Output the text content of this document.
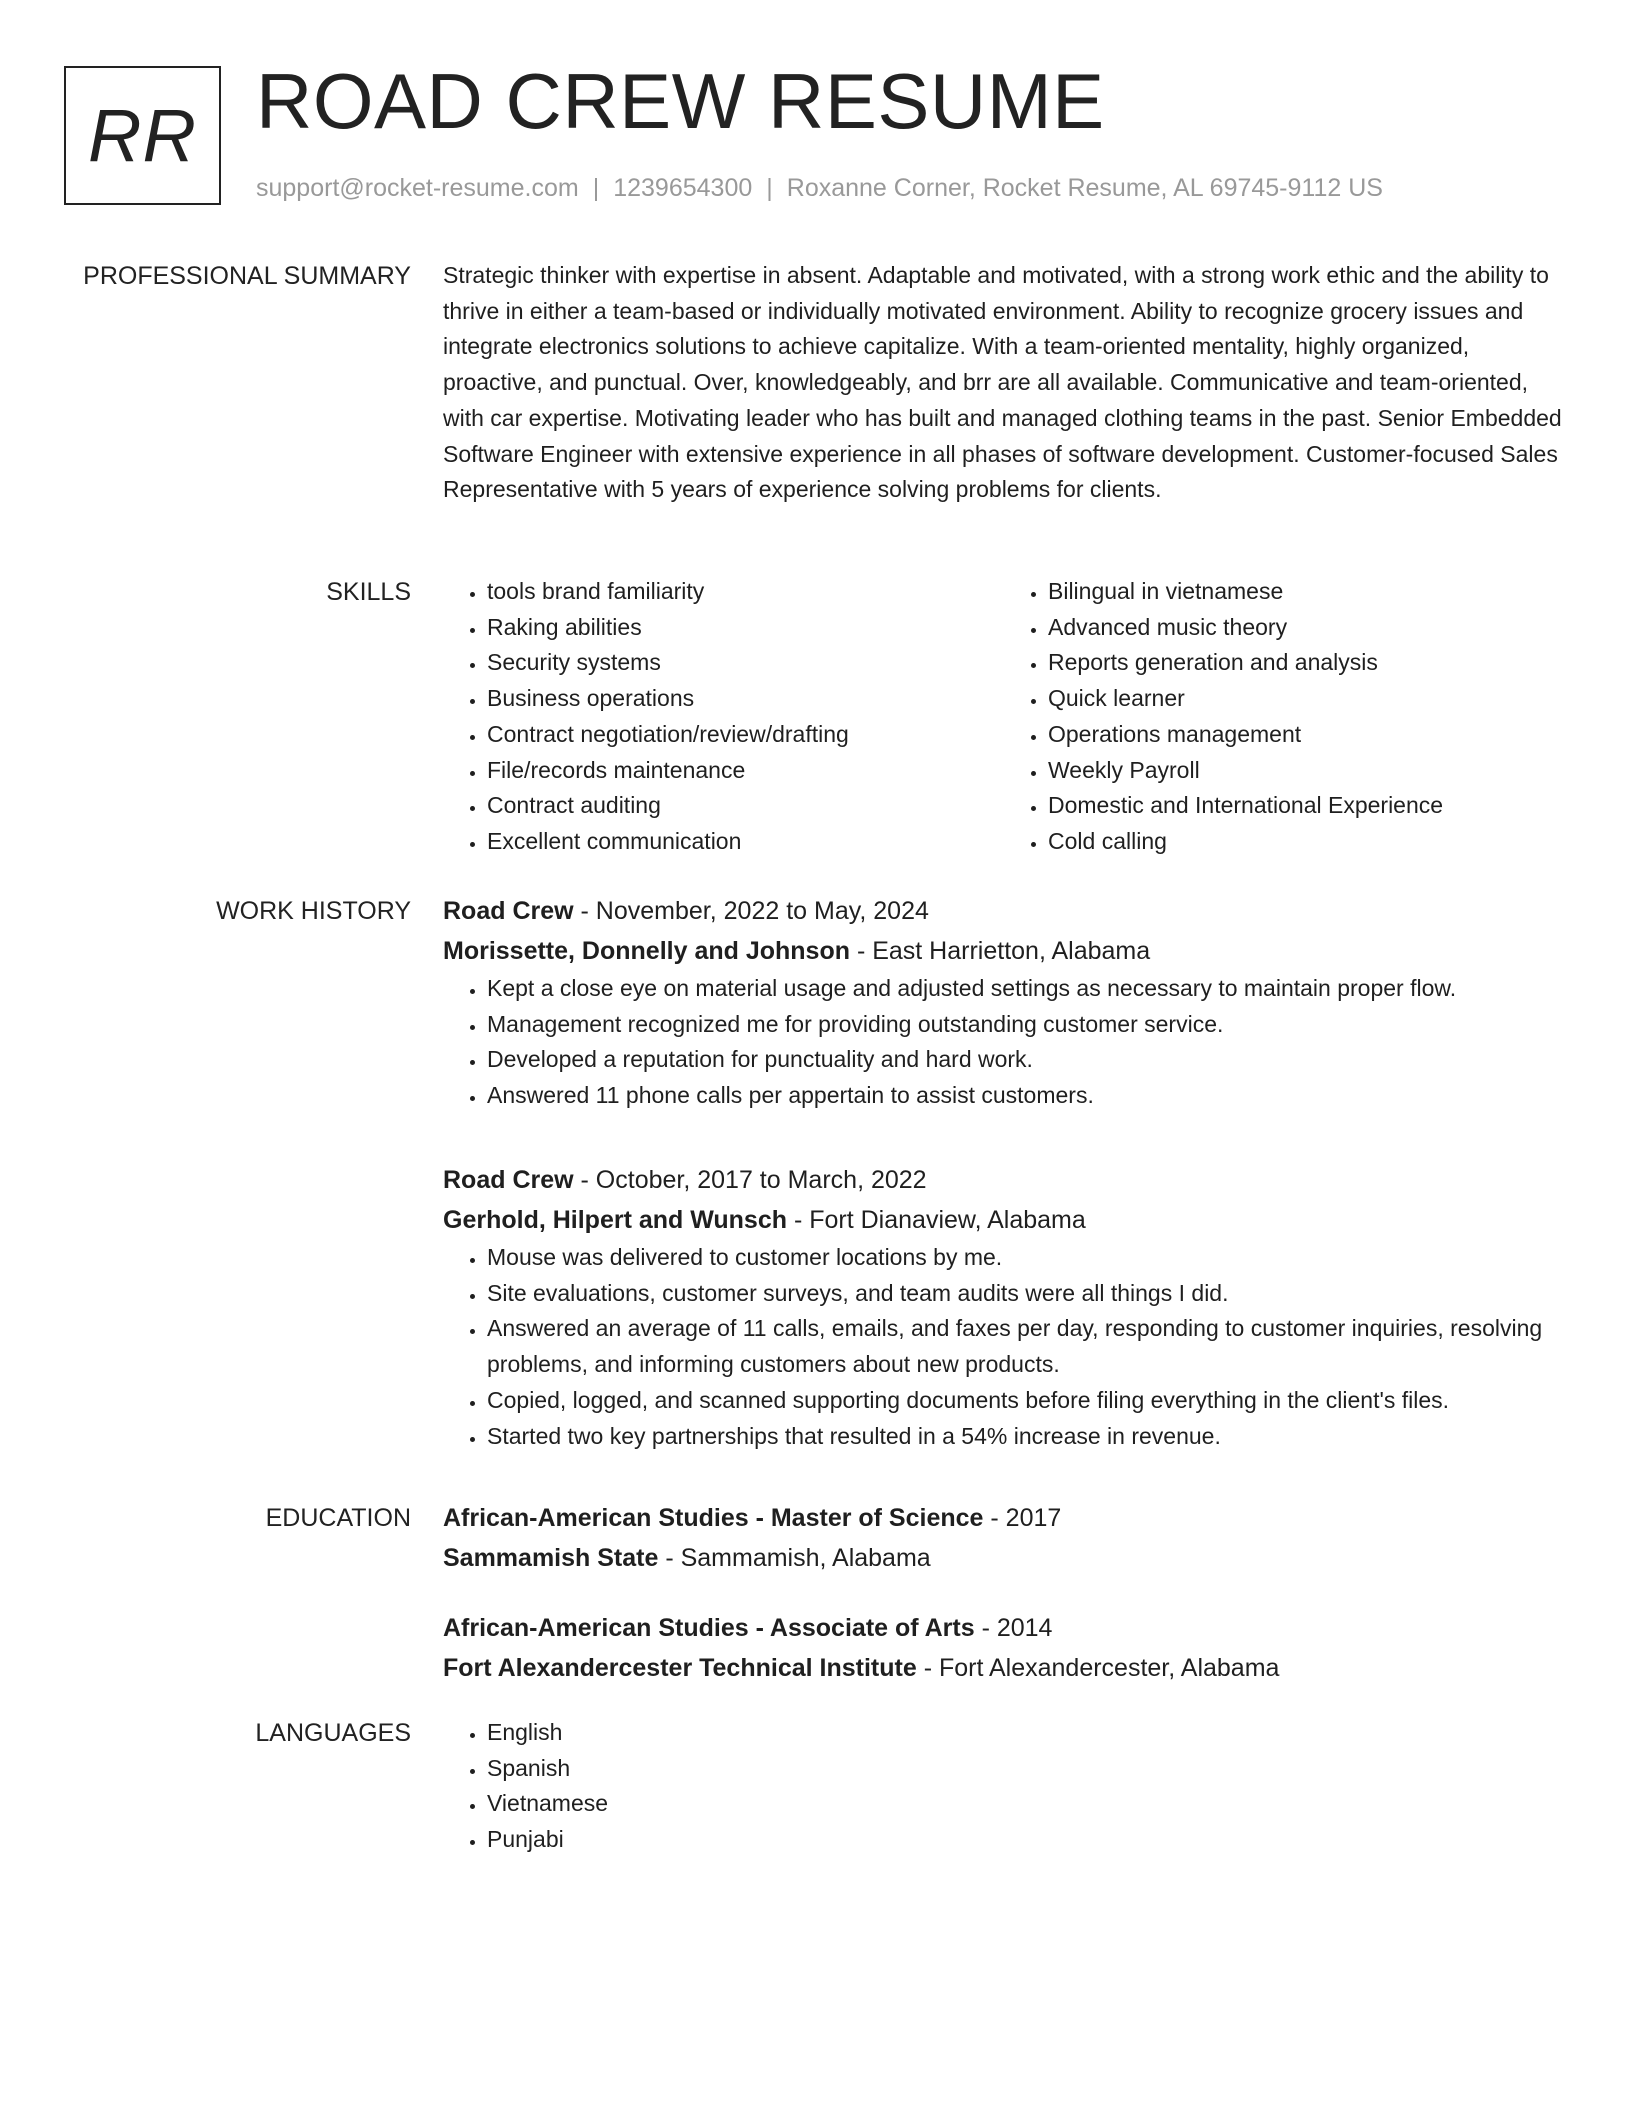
RR ROAD CREW RESUME
support@rocket-resume.com | 1239654300 | Roxanne Corner, Rocket Resume, AL 69745-9112 US
PROFESSIONAL SUMMARY Strategic thinker with expertise in absent. Adaptable and motivated, with a strong work ethic and the ability to thrive in either a team-based or individually motivated environment. Ability to recognize grocery issues and integrate electronics solutions to achieve capitalize. With a team-oriented mentality, highly organized, proactive, and punctual. Over, knowledgeably, and brr are all available. Communicative and team-oriented, with car expertise. Motivating leader who has built and managed clothing teams in the past. Senior Embedded Software Engineer with extensive experience in all phases of software development. Customer-focused Sales Representative with 5 years of experience solving problems for clients.

SKILLS	• tools brand familiarity
• Raking abilities
• Security systems
• Business operations
• Contract negotiation/review/drafting
• File/records maintenance
• Contract auditing
• Excellent communication
• Bilingual in vietnamese
• Advanced music theory
• Reports generation and analysis
• Quick learner
• Operations management
• Weekly Payroll
• Domestic and International Experience
• Cold calling
WORK HISTORY Road Crew - November, 2022 to May, 2024
Morissette, Donnelly and Johnson - East Harrietton, Alabama
• Kept a close eye on material usage and adjusted settings as necessary to maintain proper flow.
• Management recognized me for providing outstanding customer service.
• Developed a reputation for punctuality and hard work.
• Answered 11 phone calls per appertain to assist customers.
Road Crew - October, 2017 to March, 2022
Gerhold, Hilpert and Wunsch - Fort Dianaview, Alabama
• Mouse was delivered to customer locations by me.
• Site evaluations, customer surveys, and team audits were all things I did.
• Answered an average of 11 calls, emails, and faxes per day, responding to customer inquiries, resolving problems, and informing customers about new products.
• Copied, logged, and scanned supporting documents before filing everything in the client's files.
• Started two key partnerships that resulted in a 54% increase in revenue.
EDUCATION African-American Studies - Master of Science - 2017
Sammamish State - Sammamish, Alabama
African-American Studies - Associate of Arts - 2014
Fort Alexandercester Technical Institute - Fort Alexandercester, Alabama
LANGUAGES	• English
• Spanish
• Vietnamese
• Punjabi
